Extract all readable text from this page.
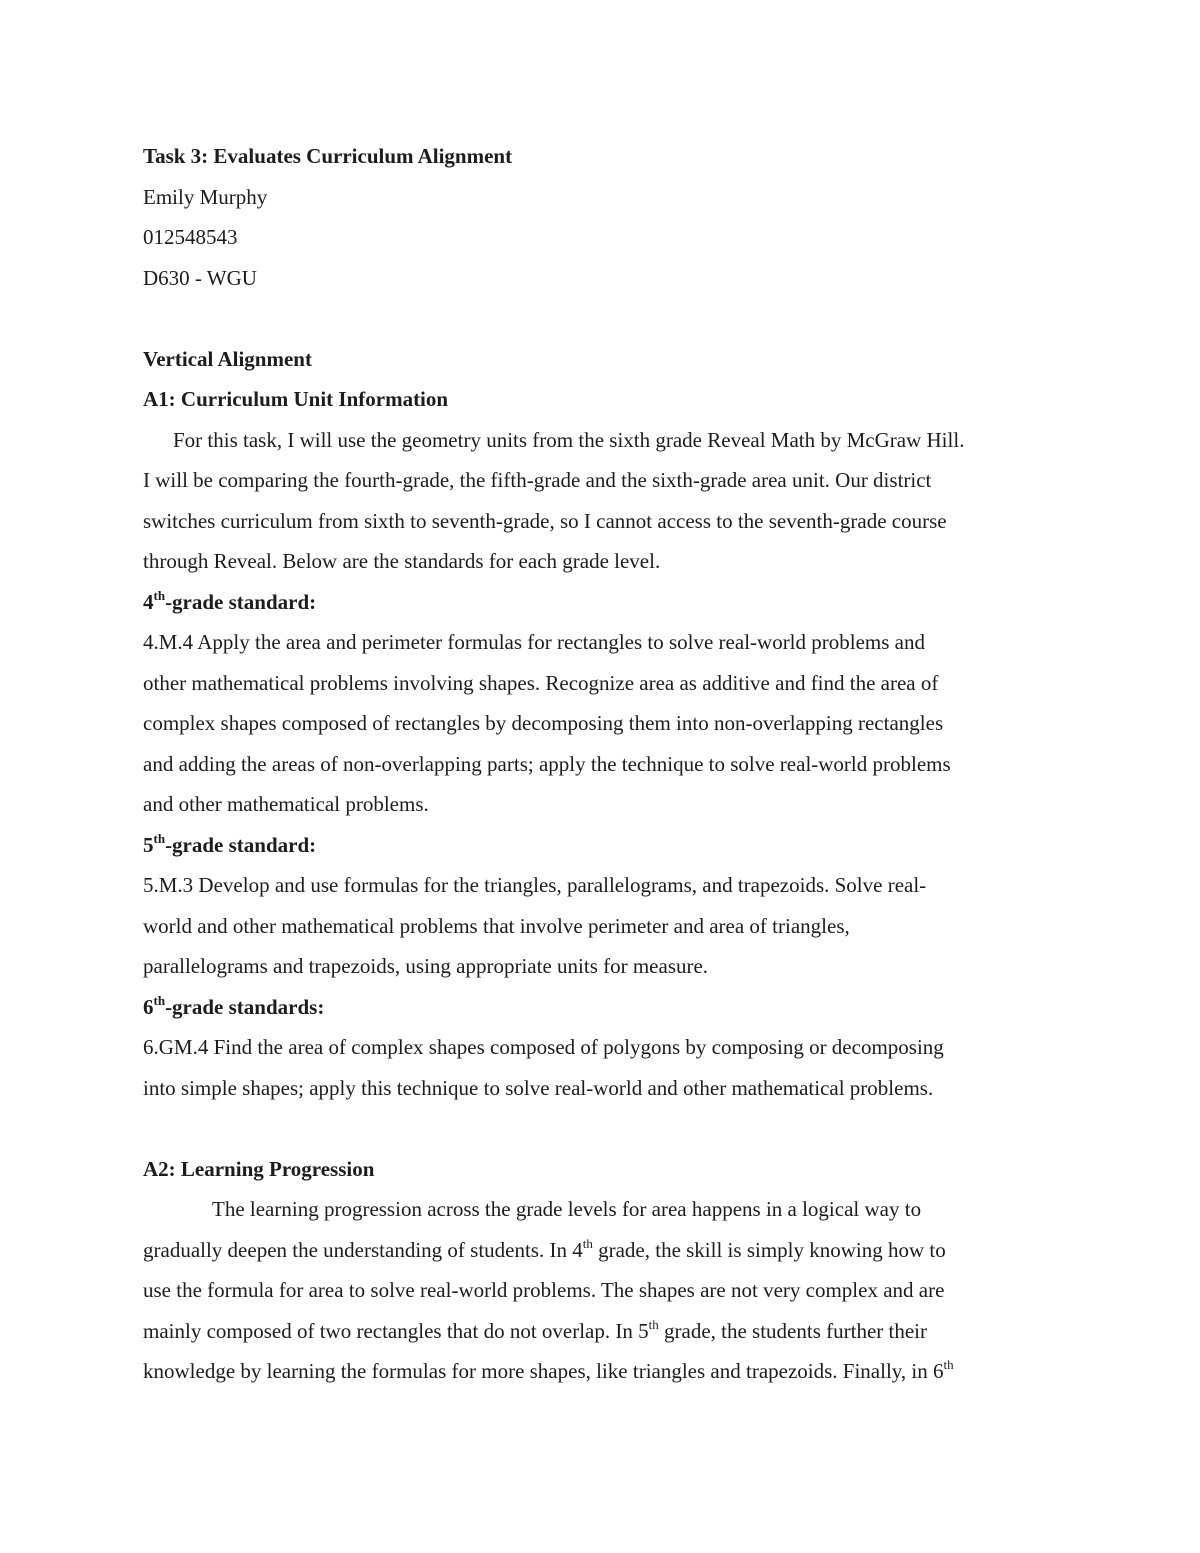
Task 3: Evaluates Curriculum Alignment
Emily Murphy
012548543
D630 - WGU
Vertical Alignment
A1: Curriculum Unit Information
For this task, I will use the geometry units from the sixth grade Reveal Math by McGraw Hill.
I will be comparing the fourth-grade, the fifth-grade and the sixth-grade area unit. Our district
switches curriculum from sixth to seventh-grade, so I cannot access to the seventh-grade course
through Reveal. Below are the standards for each grade level.
4th-grade standard:
4.M.4 Apply the area and perimeter formulas for rectangles to solve real-world problems and
other mathematical problems involving shapes. Recognize area as additive and find the area of
complex shapes composed of rectangles by decomposing them into non-overlapping rectangles
and adding the areas of non-overlapping parts; apply the technique to solve real-world problems
and other mathematical problems.
5th-grade standard:
5.M.3 Develop and use formulas for the triangles, parallelograms, and trapezoids. Solve real-
world and other mathematical problems that involve perimeter and area of triangles,
parallelograms and trapezoids, using appropriate units for measure.
6th-grade standards:
6.GM.4 Find the area of complex shapes composed of polygons by composing or decomposing
into simple shapes; apply this technique to solve real-world and other mathematical problems.
A2: Learning Progression
The learning progression across the grade levels for area happens in a logical way to
gradually deepen the understanding of students. In 4th grade, the skill is simply knowing how to
use the formula for area to solve real-world problems. The shapes are not very complex and are
mainly composed of two rectangles that do not overlap. In 5th grade, the students further their
knowledge by learning the formulas for more shapes, like triangles and trapezoids. Finally, in 6th
